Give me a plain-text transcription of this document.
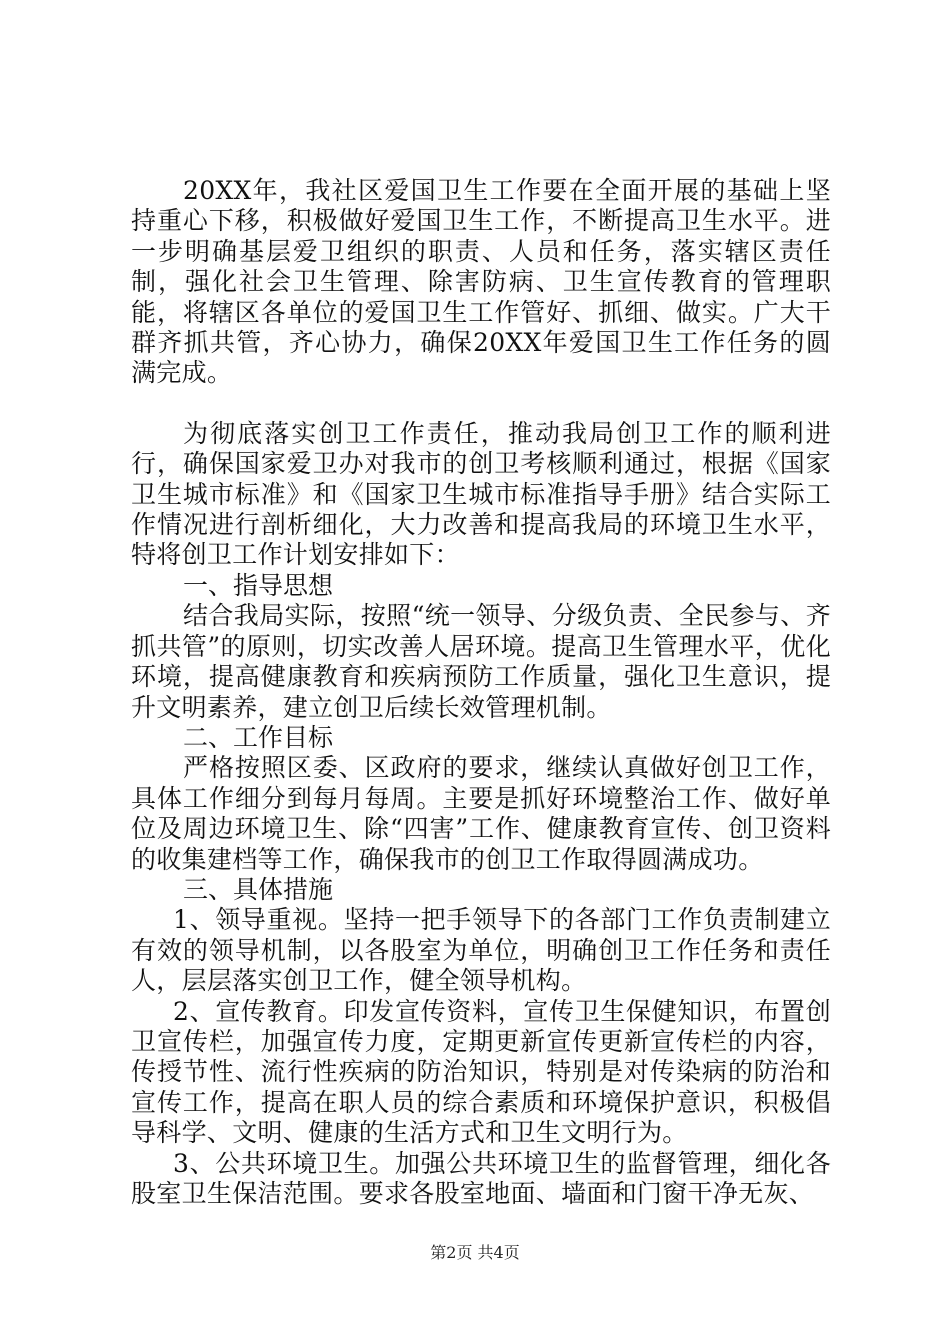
20XX年，我社区爱国卫生工作要在全面开展的基础上坚持重心下移，积极做好爱国卫生工作，不断提高卫生水平。进一步明确基层爱卫组织的职责、人员和任务，落实辖区责任制，强化社会卫生管理、除害防病、卫生宣传教育的管理职能，将辖区各单位的爱国卫生工作管好、抓细、做实。广大干群齐抓共管，齐心协力，确保20XX年爱国卫生工作任务的圆满完成。

为彻底落实创卫工作责任，推动我局创卫工作的顺利进行，确保国家爱卫办对我市的创卫考核顺利通过，根据《国家卫生城市标准》和《国家卫生城市标准指导手册》结合实际工作情况进行剖析细化，大力改善和提高我局的环境卫生水平，特将创卫工作计划安排如下：

一、指导思想

结合我局实际，按照“统一领导、分级负责、全民参与、齐抓共管”的原则，切实改善人居环境。提高卫生管理水平，优化环境，提高健康教育和疾病预防工作质量，强化卫生意识，提升文明素养，建立创卫后续长效管理机制。

二、工作目标

严格按照区委、区政府的要求，继续认真做好创卫工作，具体工作细分到每月每周。主要是抓好环境整治工作、做好单位及周边环境卫生、除“四害”工作、健康教育宣传、创卫资料的收集建档等工作，确保我市的创卫工作取得圆满成功。

三、具体措施

1、领导重视。坚持一把手领导下的各部门工作负责制建立有效的领导机制，以各股室为单位，明确创卫工作任务和责任人，层层落实创卫工作，健全领导机构。

2、宣传教育。印发宣传资料，宣传卫生保健知识，布置创卫宣传栏，加强宣传力度，定期更新宣传更新宣传栏的内容，传授节性、流行性疾病的防治知识，特别是对传染病的防治和宣传工作，提高在职人员的综合素质和环境保护意识，积极倡导科学、文明、健康的生活方式和卫生文明行为。

3、公共环境卫生。加强公共环境卫生的监督管理，细化各股室卫生保洁范围。要求各股室地面、墙面和门窗干净无灰、

第2页 共4页
